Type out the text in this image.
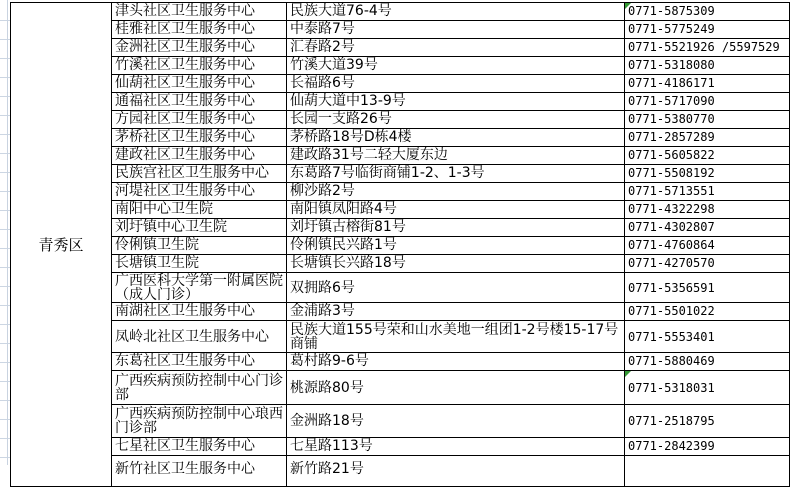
青秀区
津头社区卫生服务中心	民族大道76-4号	0771-5875309
桂雅社区卫生服务中心	中泰路7号	0771-5775249
金洲社区卫生服务中心	汇春路2号	0771-5521926 /5597529
竹溪社区卫生服务中心	竹溪大道39号	0771-5318080
仙葫社区卫生服务中心	长福路6号	0771-4186171
通福社区卫生服务中心	仙葫大道中13-9号	0771-5717090
方园社区卫生服务中心	长园一支路26号	0771-5380770
茅桥社区卫生服务中心	茅桥路18号D栋4楼	0771-2857289
建政社区卫生服务中心	建政路31号二轻大厦东边	0771-5605822
民族宫社区卫生服务中心 东葛路7号临街商铺1-2、1-3号	0771-5508192
河堤社区卫生服务中心	柳沙路2号	0771-5713551
南阳中心卫生院	南阳镇凤阳路4号	0771-4322298
刘圩镇中心卫生院	刘圩镇古榕街81号	0771-4302807
伶俐镇卫生院	伶俐镇民兴路1号	0771-4760864
长塘镇卫生院	长塘镇长兴路18号	0771-4270570
广西医科大学第一附属医院（成人门诊）	双拥路6号	0771-5356591
南湖社区卫生服务中心	金浦路3号	0771-5501022
凤岭北社区卫生服务中心 民族大道155号荣和山水美地一组团1-2号楼15-17号商铺	0771-5553401
东葛社区卫生服务中心	葛村路9-6号	0771-5880469
广西疾病预防控制中心门诊部	桃源路80号	0771-5318031
广西疾病预防控制中心琅西门诊部	金洲路18号	0771-2518795
七星社区卫生服务中心	七星路113号	0771-2842399
新竹社区卫生服务中心	新竹路21号
